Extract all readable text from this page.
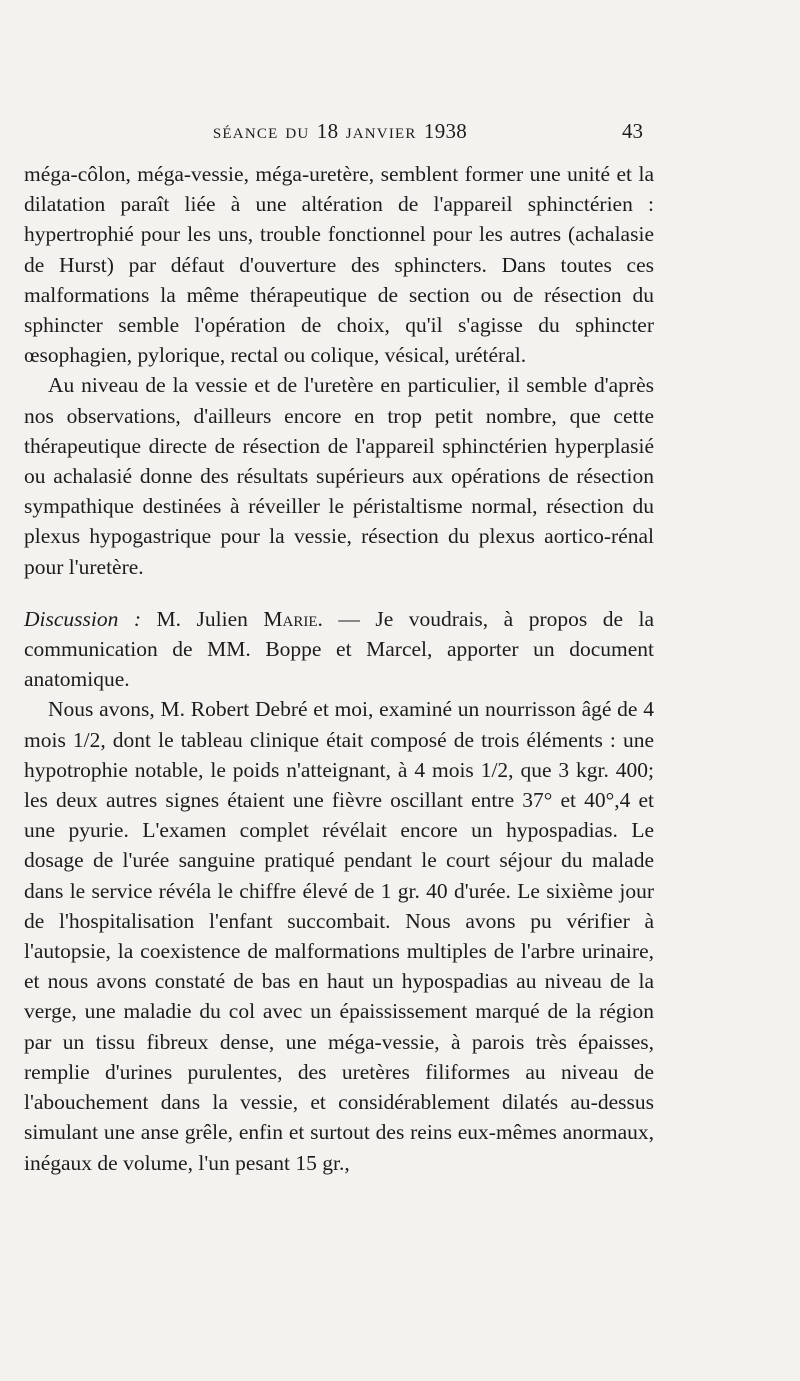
SÉANCE DU 18 JANVIER 1938	43

méga-côlon, méga-vessie, méga-uretère, semblent former une unité et la dilatation paraît liée à une altération de l'appareil sphinctérien : hypertrophié pour les uns, trouble fonctionnel pour les autres (achalasie de Hurst) par défaut d'ouverture des sphincters. Dans toutes ces malformations la même thérapeutique de section ou de résection du sphincter semble l'opération de choix, qu'il s'agisse du sphincter œsophagien, pylorique, rectal ou colique, vésical, urétéral.

Au niveau de la vessie et de l'uretère en particulier, il semble d'après nos observations, d'ailleurs encore en trop petit nombre, que cette thérapeutique directe de résection de l'appareil sphinctérien hyperplasié ou achalasié donne des résultats supérieurs aux opérations de résection sympathique destinées à réveiller le péristaltisme normal, résection du plexus hypogastrique pour la vessie, résection du plexus aortico-rénal pour l'uretère.

Discussion : M. Julien Marie. — Je voudrais, à propos de la communication de MM. Boppe et Marcel, apporter un document anatomique.

Nous avons, M. Robert Debré et moi, examiné un nourrisson âgé de 4 mois 1/2, dont le tableau clinique était composé de trois éléments : une hypotrophie notable, le poids n'atteignant, à 4 mois 1/2, que 3 kgr. 400; les deux autres signes étaient une fièvre oscillant entre 37° et 40°,4 et une pyurie. L'examen complet révélait encore un hypospadias. Le dosage de l'urée sanguine pratiqué pendant le court séjour du malade dans le service révéla le chiffre élevé de 1 gr. 40 d'urée. Le sixième jour de l'hospitalisation l'enfant succombait. Nous avons pu vérifier à l'autopsie, la coexistence de malformations multiples de l'arbre urinaire, et nous avons constaté de bas en haut un hypospadias au niveau de la verge, une maladie du col avec un épaississement marqué de la région par un tissu fibreux dense, une méga-vessie, à parois très épaisses, remplie d'urines purulentes, des uretères filiformes au niveau de l'abouchement dans la vessie, et considérablement dilatés au-dessus simulant une anse grêle, enfin et surtout des reins eux-mêmes anormaux, inégaux de volume, l'un pesant 15 gr.,
